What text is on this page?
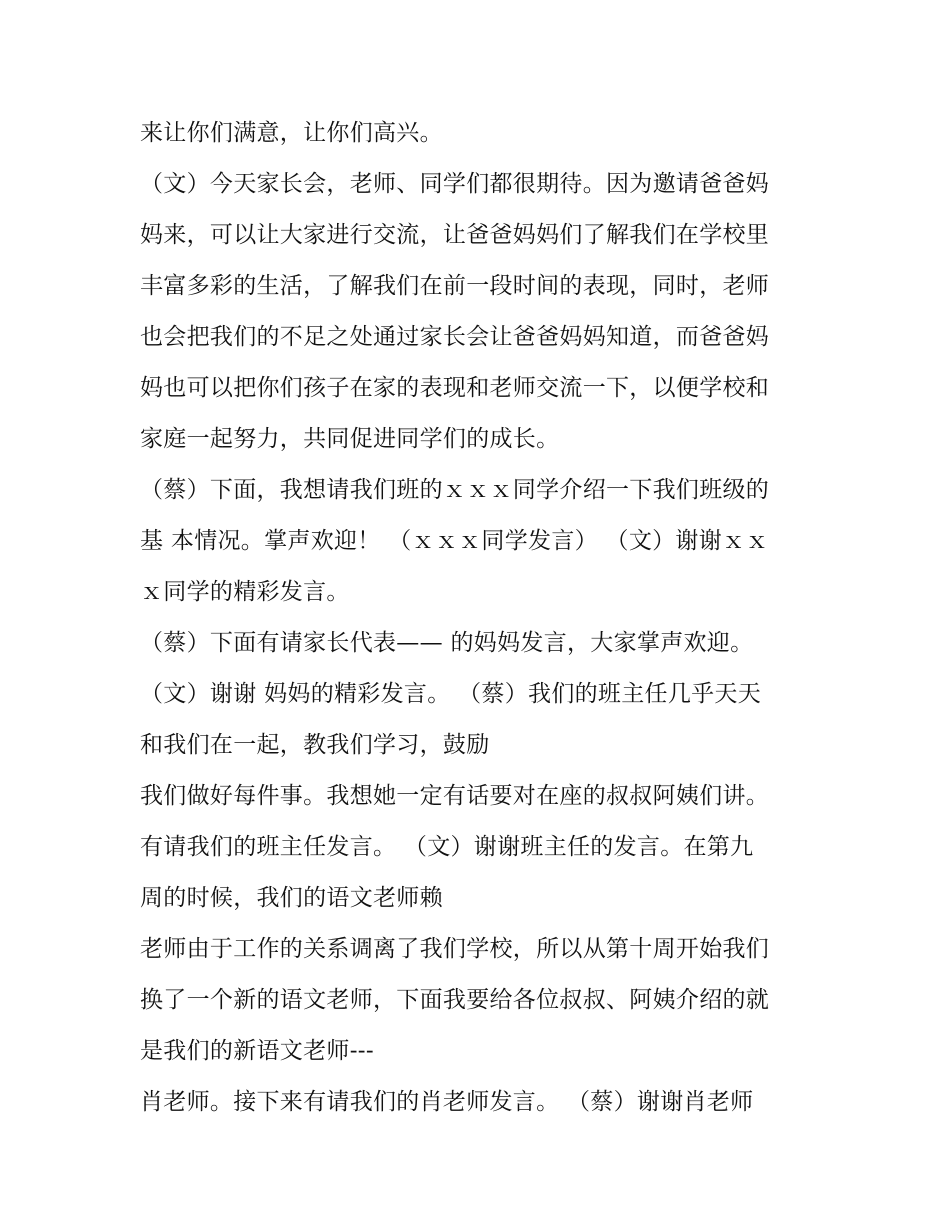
来让你们满意，让你们高兴。
（文）今天家长会，老师、同学们都很期待。因为邀请爸爸妈
妈来，可以让大家进行交流，让爸爸妈妈们了解我们在学校里
丰富多彩的生活，了解我们在前一段时间的表现，同时，老师
也会把我们的不足之处通过家长会让爸爸妈妈知道，而爸爸妈
妈也可以把你们孩子在家的表现和老师交流一下，以便学校和
家庭一起努力，共同促进同学们的成长。
（蔡）下面，我想请我们班的ｘｘｘ同学介绍一下我们班级的
基 本情况。掌声欢迎！ （ｘｘｘ同学发言） （文）谢谢ｘｘ
ｘ同学的精彩发言。
（蔡）下面有请家长代表—— 的妈妈发言，大家掌声欢迎。
（文）谢谢 妈妈的精彩发言。 （蔡）我们的班主任几乎天天
和我们在一起，教我们学习，鼓励
我们做好每件事。我想她一定有话要对在座的叔叔阿姨们讲。
有请我们的班主任发言。 （文）谢谢班主任的发言。在第九
周的时候，我们的语文老师赖
老师由于工作的关系调离了我们学校，所以从第十周开始我们
换了一个新的语文老师，下面我要给各位叔叔、阿姨介绍的就
是我们的新语文老师---
肖老师。接下来有请我们的肖老师发言。 （蔡）谢谢肖老师
